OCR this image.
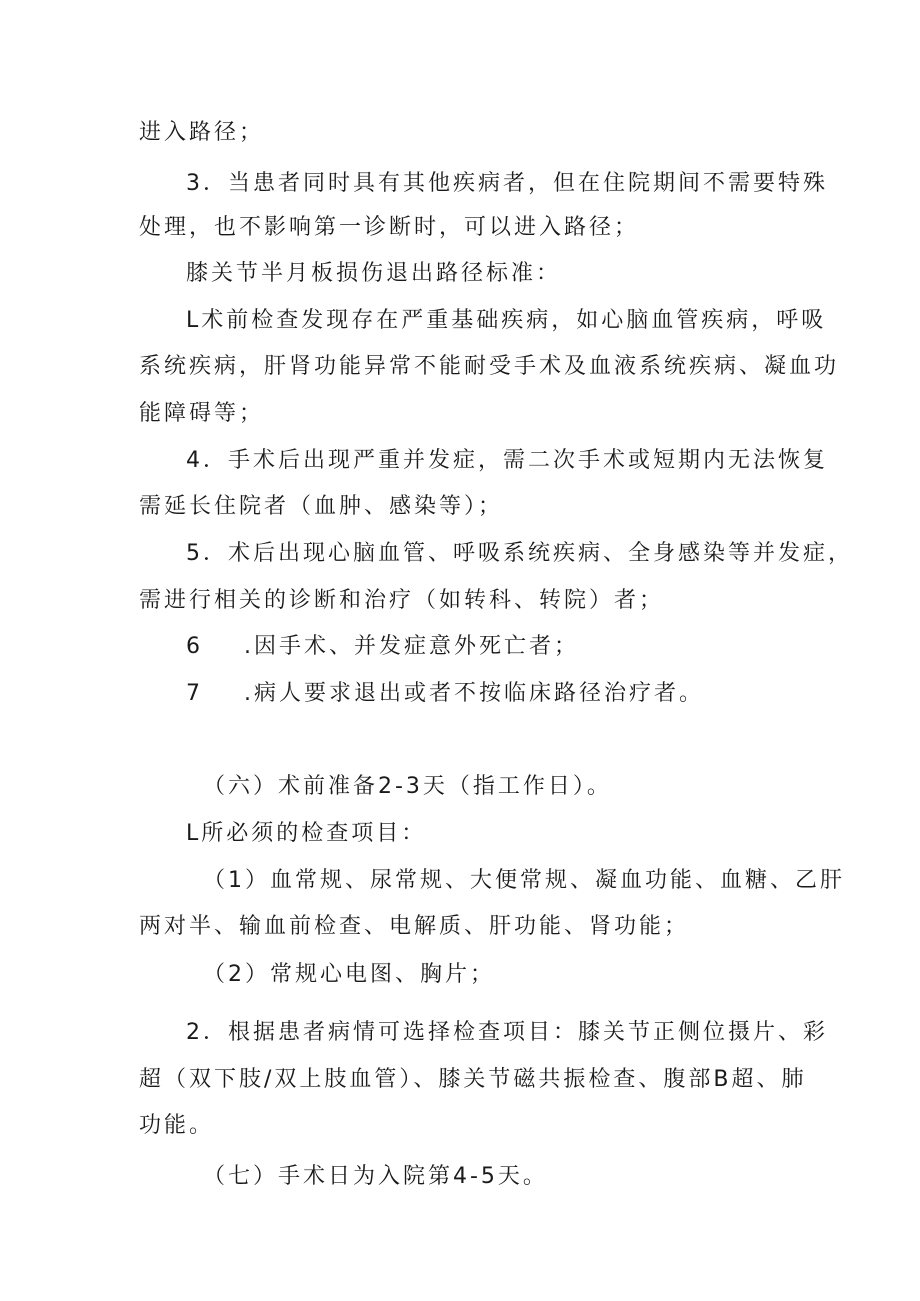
进入路径；
3．当患者同时具有其他疾病者，但在住院期间不需要特殊
处理，也不影响第一诊断时，可以进入路径；
膝关节半月板损伤退出路径标准：
L术前检查发现存在严重基础疾病，如心脑血管疾病，呼吸
系统疾病，肝肾功能异常不能耐受手术及血液系统疾病、凝血功
能障碍等；
4．手术后出现严重并发症，需二次手术或短期内无法恢复
需延长住院者（血肿、感染等）；
5．术后出现心脑血管、呼吸系统疾病、全身感染等并发症，
需进行相关的诊断和治疗（如转科、转院）者；
6 .因手术、并发症意外死亡者；
7 .病人要求退出或者不按临床路径治疗者。
（六）术前准备2-3天（指工作日）。
L所必须的检查项目：
（1）血常规、尿常规、大便常规、凝血功能、血糖、乙肝
两对半、输血前检查、电解质、肝功能、肾功能；
（2）常规心电图、胸片；
2．根据患者病情可选择检查项目：膝关节正侧位摄片、彩
超（双下肢/双上肢血管）、膝关节磁共振检查、腹部B超、肺
功能。
（七）手术日为入院第4-5天。
